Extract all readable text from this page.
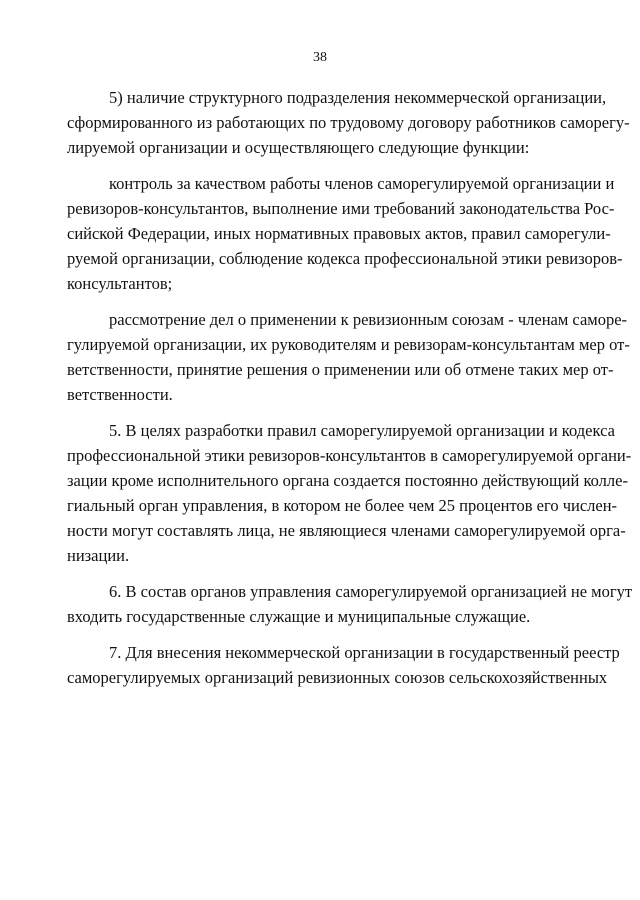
38
5) наличие структурного подразделения некоммерческой организации,
сформированного из работающих по трудовому договору работников саморегу-
лируемой организации и осуществляющего следующие функции:
контроль за качеством работы членов саморегулируемой организации и
ревизоров-консультантов, выполнение ими требований законодательства Рос-
сийской Федерации, иных нормативных правовых актов, правил саморегули-
руемой организации, соблюдение кодекса профессиональной этики ревизоров-
консультантов;
рассмотрение дел о применении к ревизионным союзам - членам саморе-
гулируемой организации, их руководителям и ревизорам-консультантам мер от-
ветственности, принятие решения о применении или об отмене таких мер от-
ветственности.
5. В целях разработки правил саморегулируемой организации и кодекса
профессиональной этики ревизоров-консультантов в саморегулируемой органи-
зации кроме исполнительного органа создается постоянно действующий колле-
гиальный орган управления, в котором не более чем 25 процентов его числен-
ности могут составлять лица, не являющиеся членами саморегулируемой орга-
низации.
6. В состав органов управления саморегулируемой организацией не могут
входить государственные служащие и муниципальные служащие.
7. Для внесения некоммерческой организации в государственный реестр
саморегулируемых организаций ревизионных союзов сельскохозяйственных
